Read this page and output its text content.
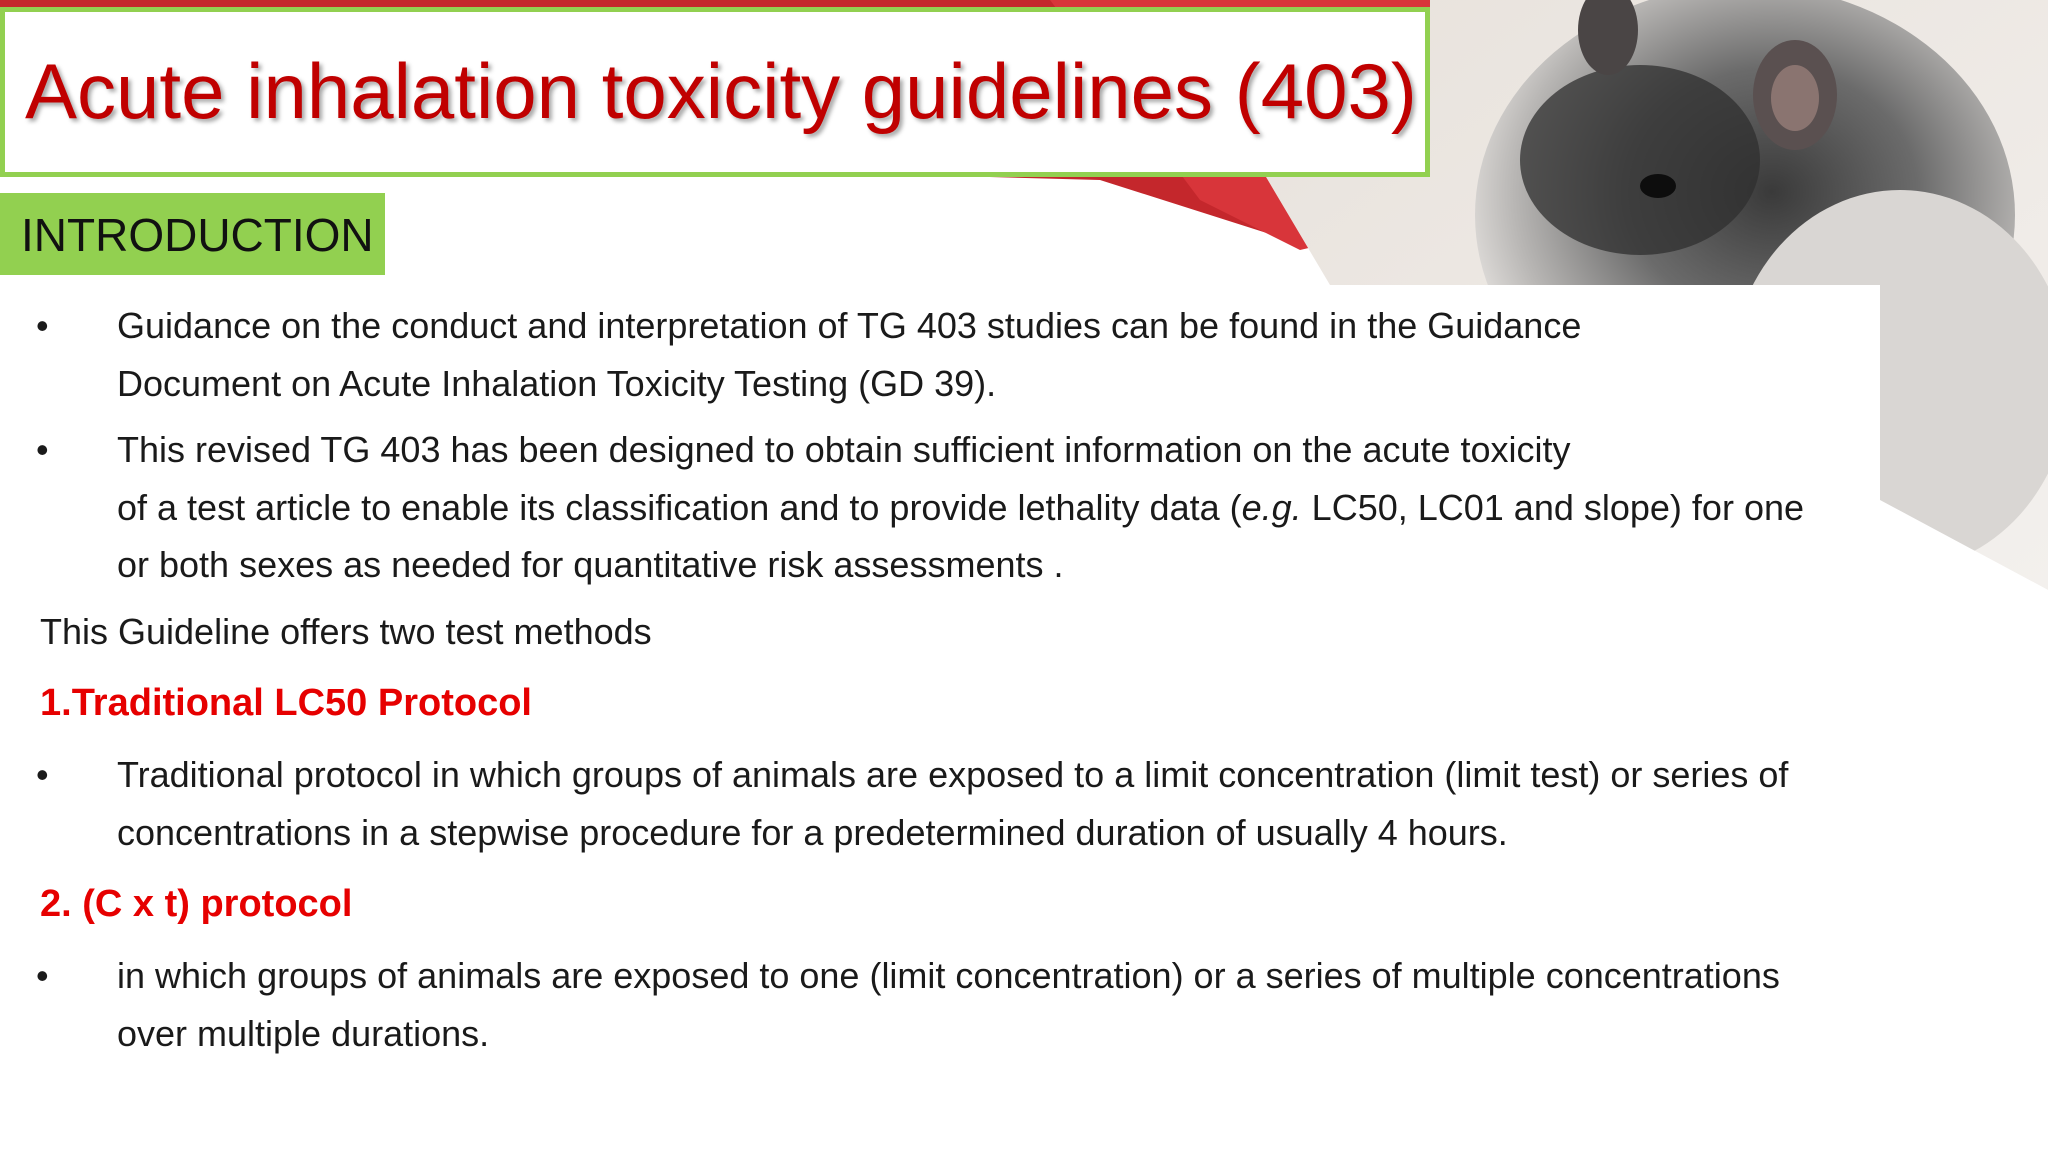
Acute inhalation toxicity guidelines (403)
INTRODUCTION
• Guidance on the conduct and interpretation of TG 403 studies can be found in the Guidance
Document on Acute Inhalation Toxicity Testing (GD 39).
• This revised TG 403 has been designed to obtain sufficient information on the acute toxicity
of a test article to enable its classification and to provide lethality data (e.g. LC50, LC01 and slope) for one
or both sexes as needed for quantitative risk assessments .
This Guideline offers two test methods
1.Traditional LC50 Protocol
• Traditional protocol in which groups of animals are exposed to a limit concentration (limit test) or series of
concentrations in a stepwise procedure for a predetermined duration of usually 4 hours.
2. (C x t) protocol
• in which groups of animals are exposed to one (limit concentration) or a series of multiple concentrations
over multiple durations.
